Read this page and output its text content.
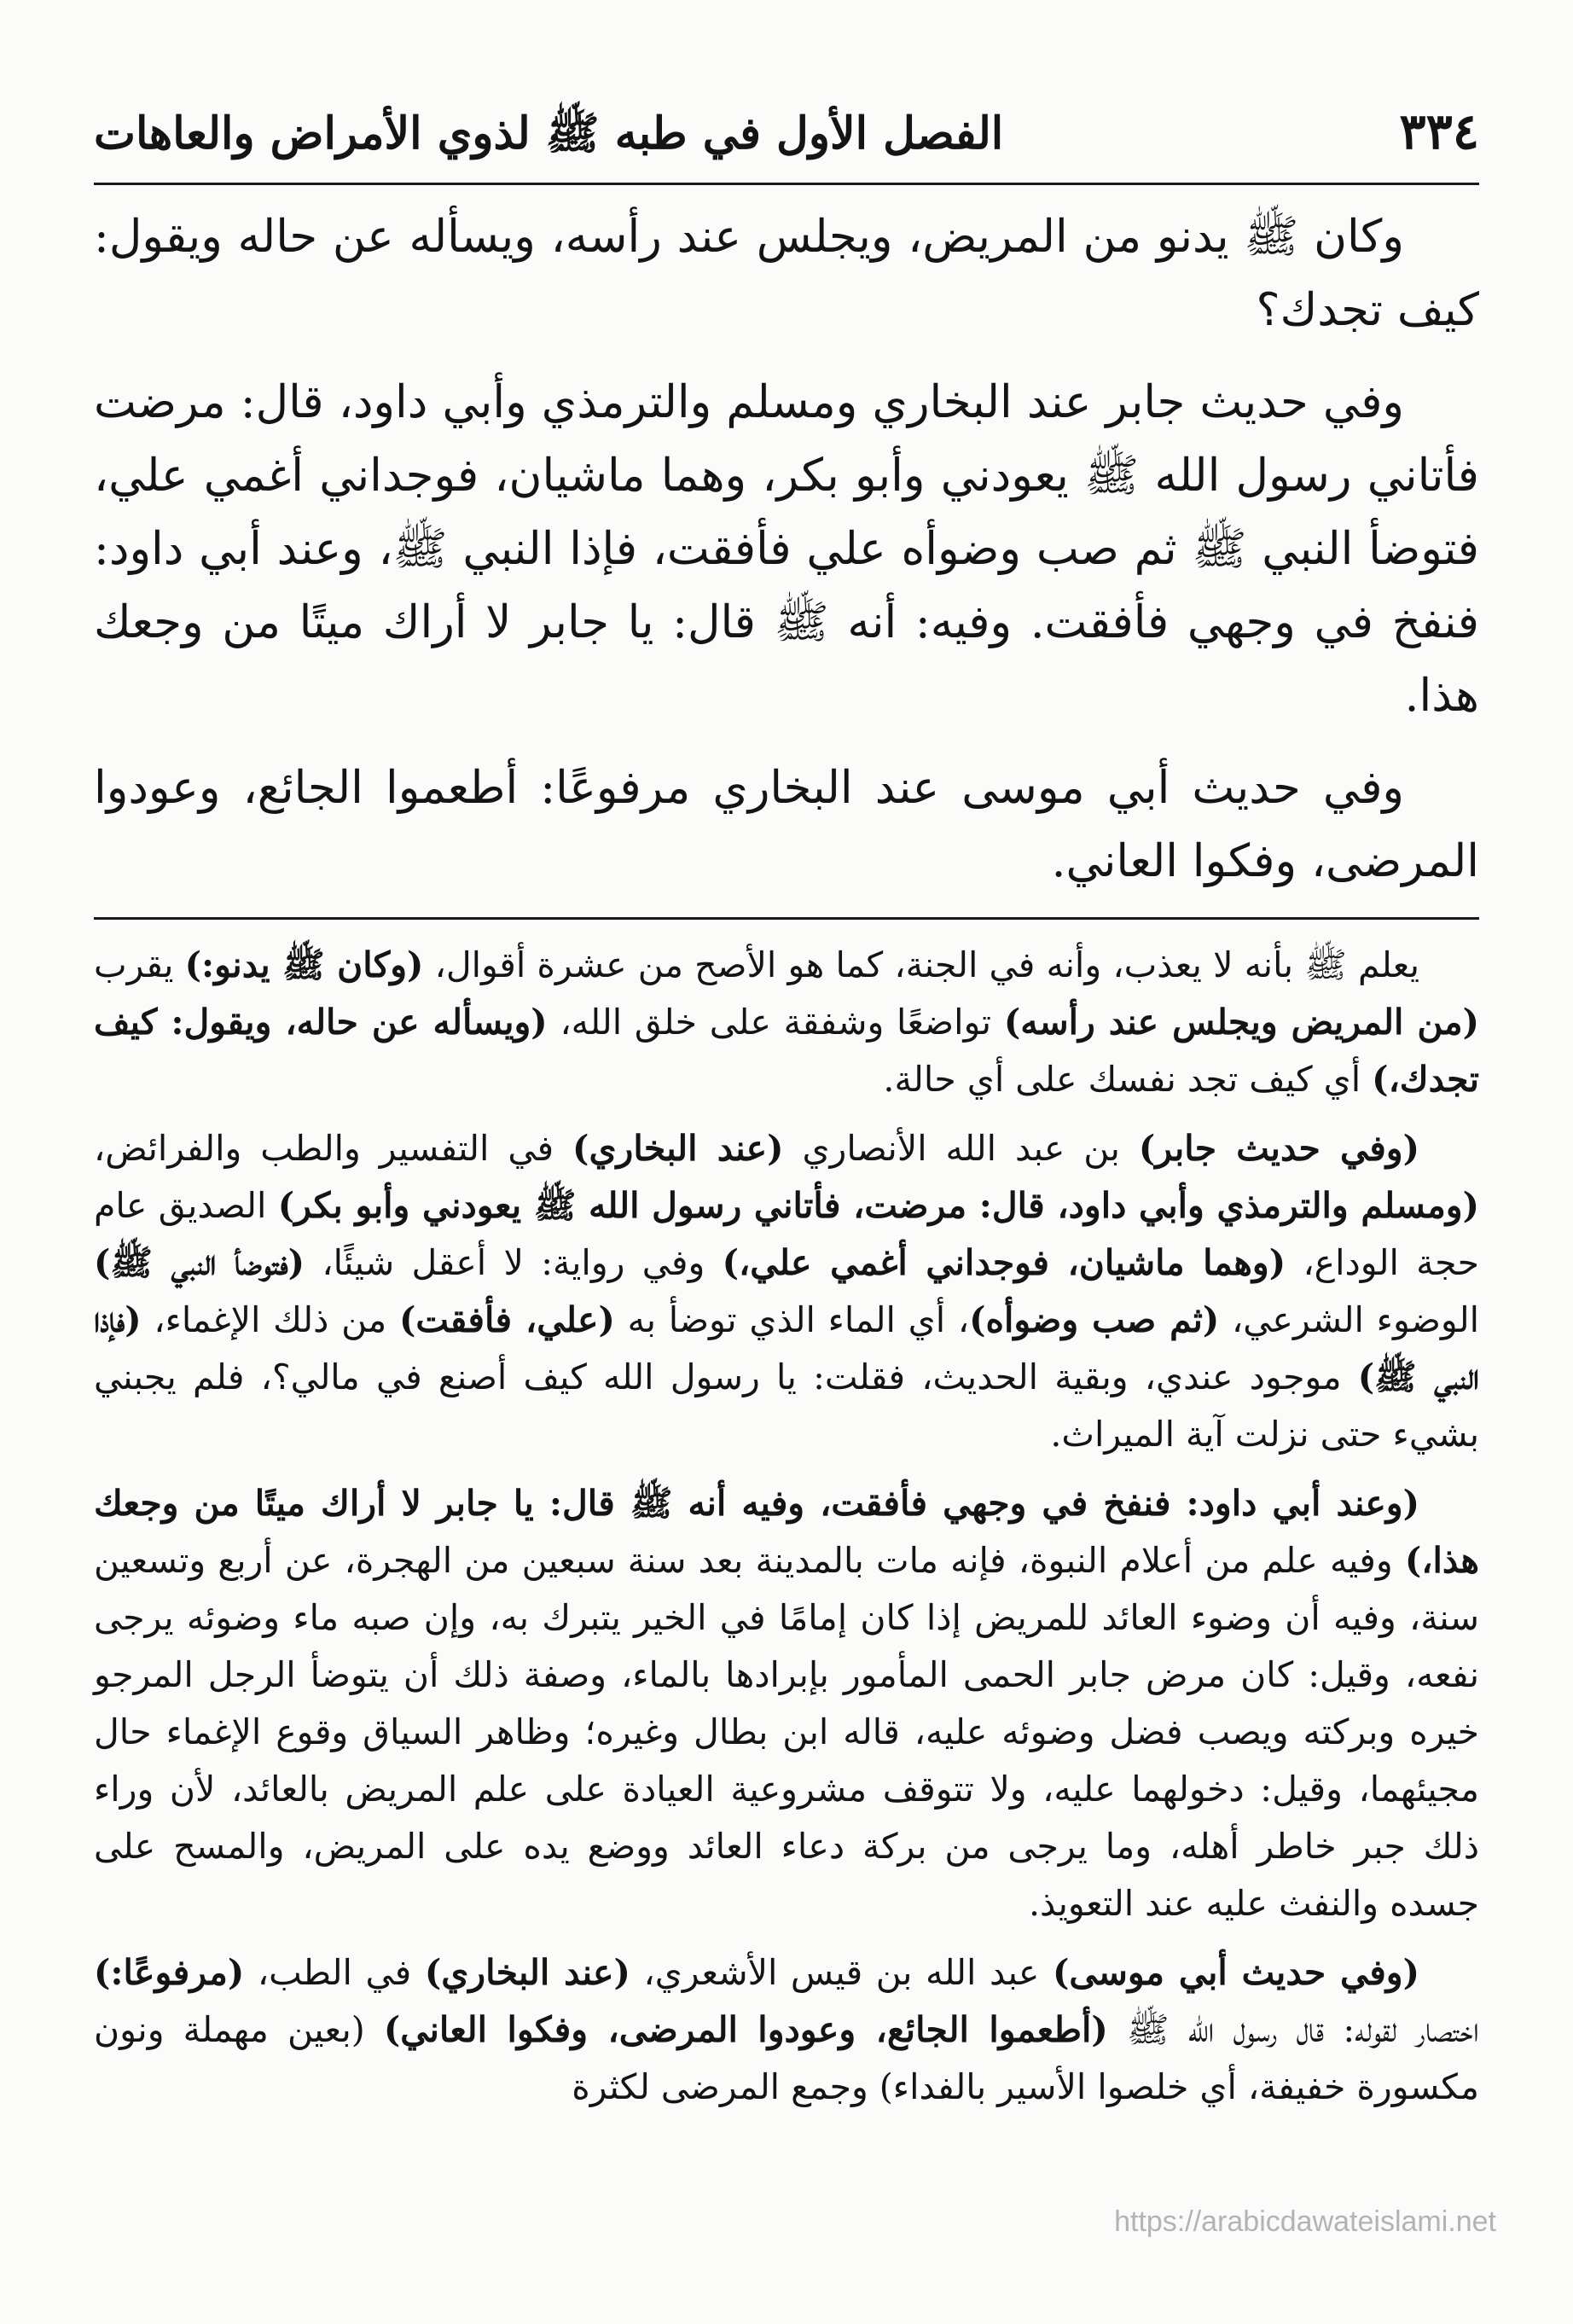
٣٣٤
الفصل الأول في طبه ﷺ لذوي الأمراض والعاهات

وكان ﷺ يدنو من المريض، ويجلس عند رأسه، ويسأله عن حاله ويقول: كيف تجدك؟

وفي حديث جابر عند البخاري ومسلم والترمذي وأبي داود، قال: مرضت فأتاني رسول الله ﷺ يعودني وأبو بكر، وهما ماشيان، فوجداني أغمي علي، فتوضأ النبي ﷺ ثم صب وضوأه علي فأفقت، فإذا النبي ﷺ، وعند أبي داود: فنفخ في وجهي فأفقت. وفيه: أنه ﷺ قال: يا جابر لا أراك ميتًا من وجعك هذا.

وفي حديث أبي موسى عند البخاري مرفوعًا: أطعموا الجائع، وعودوا المرضى، وفكوا العاني.

يعلم ﷺ بأنه لا يعذب، وأنه في الجنة، كما هو الأصح من عشرة أقوال، (وكان ﷺ يدنو:) يقرب (من المريض ويجلس عند رأسه) تواضعًا وشفقة على خلق الله، (ويسأله عن حاله، ويقول: كيف تجدك،) أي كيف تجد نفسك على أي حالة.

(وفي حديث جابر) بن عبد الله الأنصاري (عند البخاري) في التفسير والطب والفرائض، (ومسلم والترمذي وأبي داود، قال: مرضت، فأتاني رسول الله ﷺ يعودني وأبو بكر) الصديق عام حجة الوداع، (وهما ماشيان، فوجداني أغمي علي،) وفي رواية: لا أعقل شيئًا، (فتوضأ النبي ﷺ) الوضوء الشرعي، (ثم صب وضوأه)، أي الماء الذي توضأ به (علي، فأفقت) من ذلك الإغماء، (فإذا النبي ﷺ) موجود عندي، وبقية الحديث، فقلت: يا رسول الله كيف أصنع في مالي؟، فلم يجبني بشيء حتى نزلت آية الميراث.

(وعند أبي داود: فنفخ في وجهي فأفقت، وفيه أنه ﷺ قال: يا جابر لا أراك ميتًا من وجعك هذا،) وفيه علم من أعلام النبوة، فإنه مات بالمدينة بعد سنة سبعين من الهجرة، عن أربع وتسعين سنة، وفيه أن وضوء العائد للمريض إذا كان إمامًا في الخير يتبرك به، وإن صبه ماء وضوئه يرجى نفعه، وقيل: كان مرض جابر الحمى المأمور بإبرادها بالماء، وصفة ذلك أن يتوضأ الرجل المرجو خيره وبركته ويصب فضل وضوئه عليه، قاله ابن بطال وغيره؛ وظاهر السياق وقوع الإغماء حال مجيئهما، وقيل: دخولهما عليه، ولا تتوقف مشروعية العيادة على علم المريض بالعائد، لأن وراء ذلك جبر خاطر أهله، وما يرجى من بركة دعاء العائد ووضع يده على المريض، والمسح على جسده والنفث عليه عند التعويذ.

(وفي حديث أبي موسى) عبد الله بن قيس الأشعري، (عند البخاري) في الطب، (مرفوعًا:) اختصار لقوله: قال رسول الله ﷺ (أطعموا الجائع، وعودوا المرضى، وفكوا العاني) (بعين مهملة ونون مكسورة خفيفة، أي خلصوا الأسير بالفداء) وجمع المرضى لكثرة

https://arabicdawateislami.net
